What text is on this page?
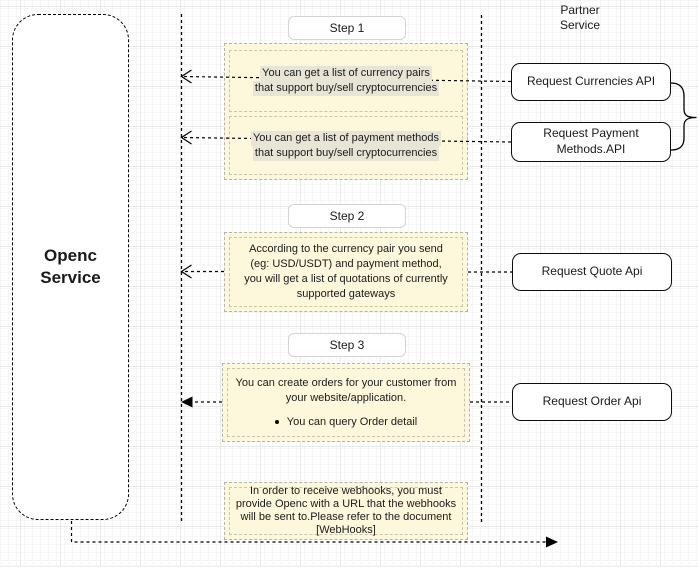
Openc Service
Partner Service
Step 1
Step 2
Step 3
You can get a list of currency pairs
that support buy/sell cryptocurrencies
You can get a list of payment methods
that support buy/sell cryptocurrencies
According to the currency pair you send
(eg: USD/USDT) and payment method,
you will get a list of quotations of currently
supported gateways
You can create orders for your customer from
your website/application.
You can query Order detail
In order to receive webhooks, you must
provide Openc with a URL that the webhooks
will be sent to.Please refer to the document
[WebHooks]
Request Currencies API
Request Payment Methods.API
Request Quote Api
Request Order Api
